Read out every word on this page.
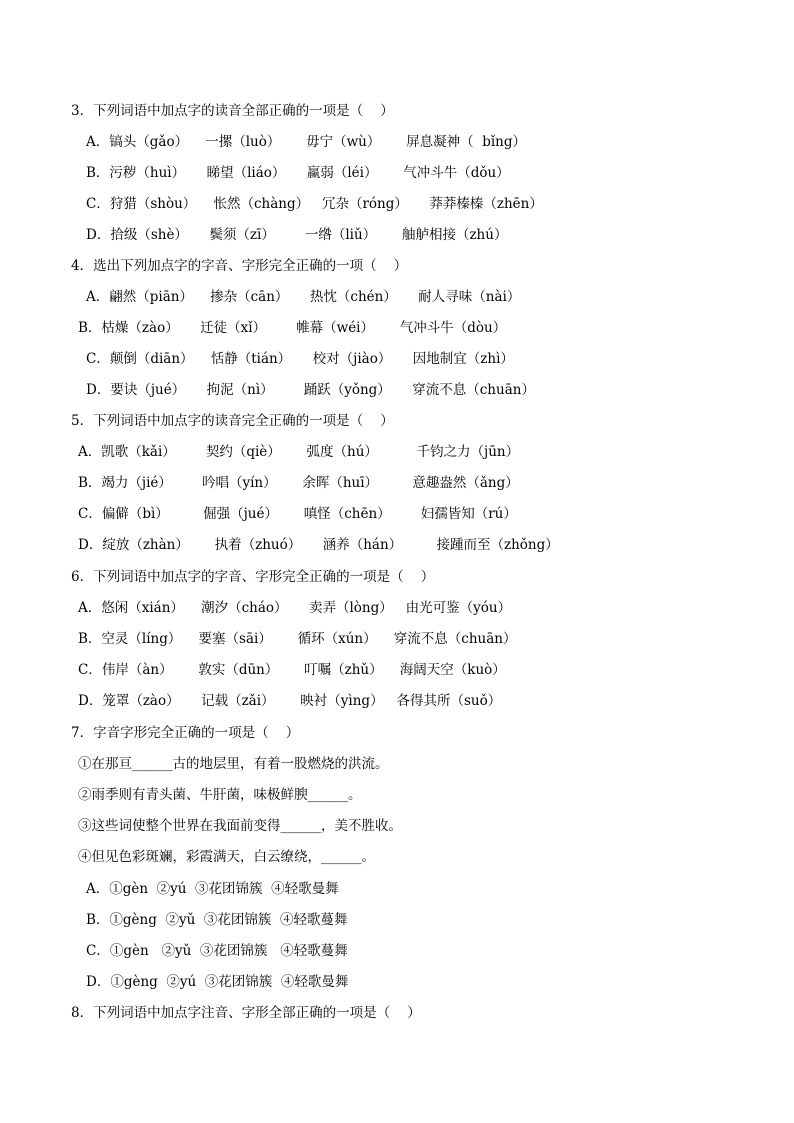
3．下列词语中加点字的读音全部正确的一项是（    ）
A．镐头（gǎo）    一摞（luò）      毋宁（wù）      屏息凝神（  bǐng）
B．污秽（huì）     睇望（liáo）     赢弱（léi）      气冲斗牛（dǒu）
C．狩猎（shòu）    怅然（chàng）   冗杂（róng）     莽莽榛榛（zhēn）
D．拾级（shè）     鬓须（zī）       一绺（liǔ）      舳舻相接（zhú）
4．选出下列加点字的字音、字形完全正确的一项（    ）
A．翩然（piān）    掺杂（cān）     热忱（chén）     耐人寻味（nài）
B．枯燥（zào）     迁徒（xǐ）       帷幕（wéi）      气冲斗牛（dòu）
C．颠倒（diān）    恬静（tián）     校对（jiào）     因地制宜（zhì）
D．要诀（jué）     拘泥（nì）       踊跃（yǒng）     穿流不息（chuān）
5．下列词语中加点字的读音完全正确的一项是（    ）
A．凯歌（kǎi）       契约（qiè）      弧度（hú）         千钧之力（jūn）
B．竭力（jié）       吟唱（yín）      余晖（huī）        意趣盎然（ǎng）
C．偏僻（bì）        倔强（jué）      嗔怪（chēn）       妇孺皆知（rú）
D．绽放（zhàn）      执着（zhuó）     涵养（hán）        接踵而至（zhǒng）
6．下列词语中加点字的字音、字形完全正确的一项是（    ）
A．悠闲（xián）    潮汐（cháo）     卖弄（lòng）   由光可鉴（yóu）
B．空灵（líng）    要塞（sāi）      循环（xún）    穿流不息（chuān）
C．伟岸（àn）      敦实（dūn）      叮嘱（zhǔ）    海阔天空（kuò）
D．笼罩（zào）     记载（zǎi）      映衬（yìng）   各得其所（suǒ）
7．字音字形完全正确的一项是（    ）
①在那亘______古的地层里，有着一股燃烧的洪流。
②雨季则有青头菌、牛肝菌，味极鲜腴______。
③这些词使整个世界在我面前变得______，美不胜收。
④但见色彩斑斓，彩霞满天，白云缭绕，______。
A．①gèn  ②yú  ③花团锦簇  ④轻歌曼舞
B．①gèng  ②yǔ  ③花团锦簇  ④轻歌蔓舞
C．①gèn   ②yǔ  ③花团锦簇   ④轻歌蔓舞
D．①gèng  ②yú  ③花团锦簇  ④轻歌曼舞
8．下列词语中加点字注音、字形全部正确的一项是（    ）
